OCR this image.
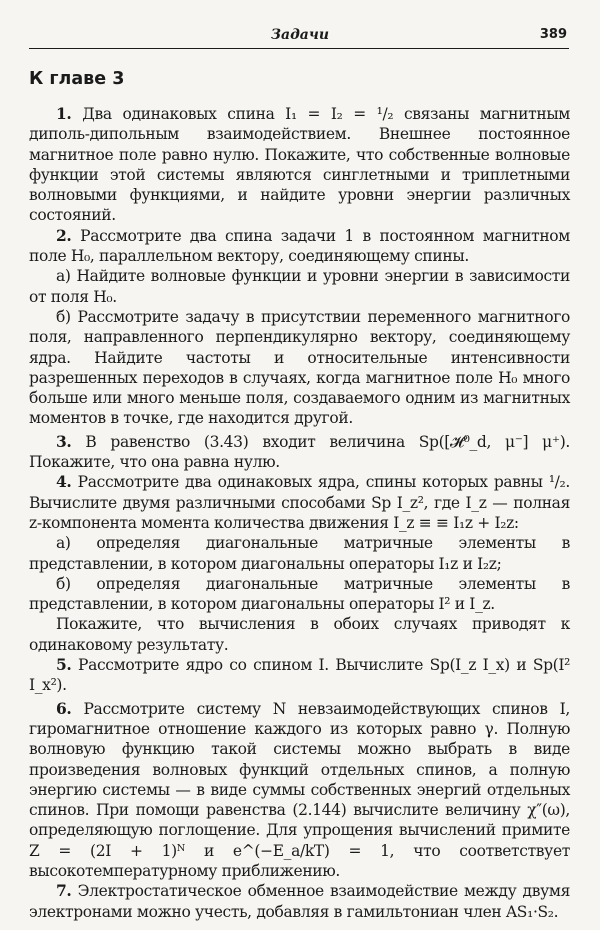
Задачи	389
К главе 3

1. Два одинаковых спина I₁ = I₂ = ¹/₂ связаны магнитным диполь-дипольным взаимодействием. Внешнее постоянное магнитное поле равно нулю. Покажите, что собственные волновые функции этой системы являются синглетными и триплетными волновыми функциями, и найдите уровни энергии различных состояний.

2. Рассмотрите два спина задачи 1 в постоянном магнитном поле H₀, параллельном вектору, соединяющему спины.

а) Найдите волновые функции и уровни энергии в зависимости от поля H₀.

б) Рассмотрите задачу в присутствии переменного магнитного поля, направленного перпендикулярно вектору, соединяющему ядра. Найдите частоты и относительные интенсивности разрешенных переходов в случаях, когда магнитное поле H₀ много больше или много меньше поля, создаваемого одним из магнитных моментов в точке, где находится другой.

3. В равенство (3.43) входит величина Sp([𝓗⁰_d, μ⁻] μ⁺). Покажите, что она равна нулю.

4. Рассмотрите два одинаковых ядра, спины которых равны ¹/₂. Вычислите двумя различными способами Sp I_z², где I_z — полная z-компонента момента количества движения I_z ≡ ≡ I₁z + I₂z:

а) определяя диагональные матричные элементы в представлении, в котором диагональны операторы I₁z и I₂z;

б) определяя диагональные матричные элементы в представлении, в котором диагональны операторы I² и I_z.

Покажите, что вычисления в обоих случаях приводят к одинаковому результату.

5. Рассмотрите ядро со спином I. Вычислите Sp(I_z I_x) и Sp(I² I_x²).

6. Рассмотрите систему N невзаимодействующих спинов I, гиромагнитное отношение каждого из которых равно γ. Полную волновую функцию такой системы можно выбрать в виде произведения волновых функций отдельных спинов, а полную энергию системы — в виде суммы собственных энергий отдельных спинов. При помощи равенства (2.144) вычислите величину χ″(ω), определяющую поглощение. Для упрощения вычислений примите Z = (2I + 1)ᴺ и e^(−E_a/kT) = 1, что соответствует высокотемпературному приближению.

7. Электростатическое обменное взаимодействие между двумя электронами можно учесть, добавляя в гамильтониан член AS₁·S₂.
